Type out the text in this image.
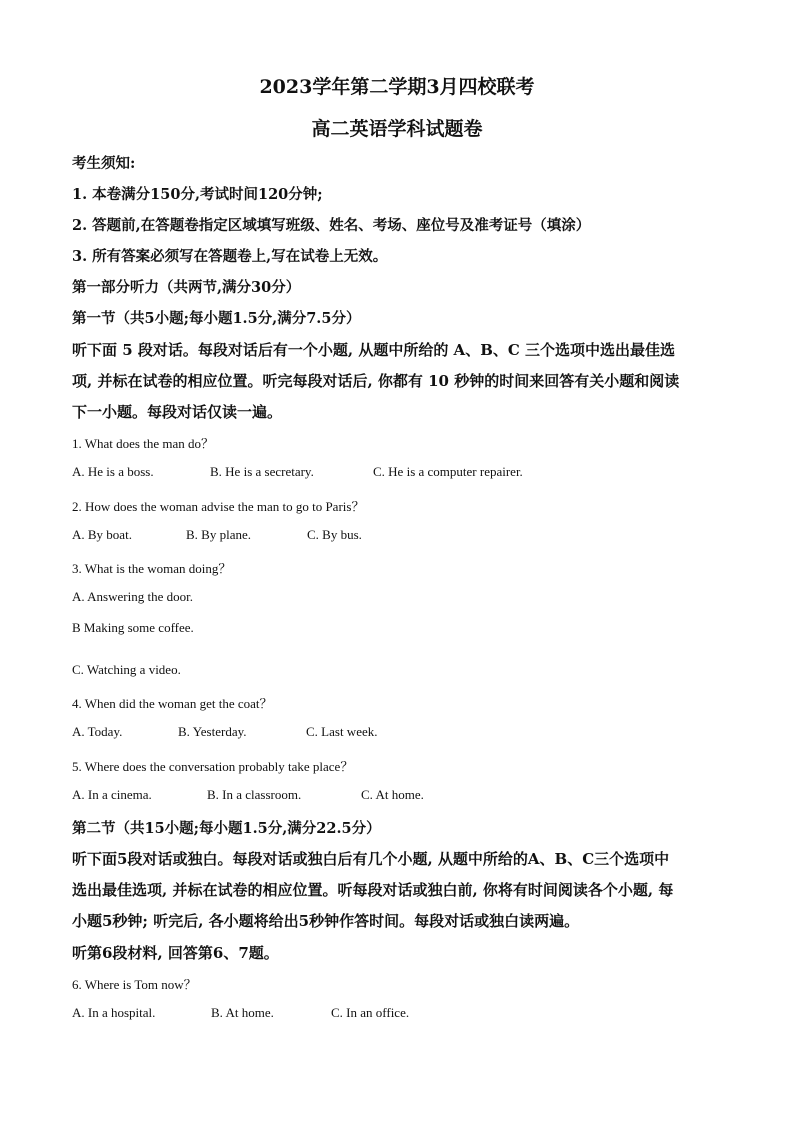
2023学年第二学期3月四校联考
高二英语学科试题卷
考生须知:
1. 本卷满分150分,考试时间120分钟;
2. 答题前,在答题卷指定区域填写班级、姓名、考场、座位号及准考证号（填涂）
3. 所有答案必须写在答题卷上,写在试卷上无效。
第一部分听力（共两节,满分30分）
第一节（共5小题;每小题1.5分,满分7.5分）
听下面 5 段对话。每段对话后有一个小题, 从题中所给的 A、B、C 三个选项中选出最佳选
项, 并标在试卷的相应位置。听完每段对话后, 你都有 10 秒钟的时间来回答有关小题和阅读
下一小题。每段对话仅读一遍。
1. What does the man do？
A. He is a boss.	B. He is a secretary.	C. He is a computer repairer.
2. How does the woman advise the man to go to Paris？
A. By boat.	B. By plane.	C. By bus.
3. What is the woman doing？
A. Answering the door.
B Making some coffee.
C. Watching a video.
4. When did the woman get the coat？
A. Today.	B. Yesterday.	C. Last week.
5. Where does the conversation probably take place？
A. In a cinema.	B. In a classroom.	C. At home.
第二节（共15小题;每小题1.5分,满分22.5分）
听下面5段对话或独白。每段对话或独白后有几个小题, 从题中所给的A、B、C三个选项中
选出最佳选项, 并标在试卷的相应位置。听每段对话或独白前, 你将有时间阅读各个小题, 每
小题5秒钟; 听完后, 各小题将给出5秒钟作答时间。每段对话或独白读两遍。
听第6段材料, 回答第6、7题。
6. Where is Tom now？
A. In a hospital.	B. At home.	C. In an office.
